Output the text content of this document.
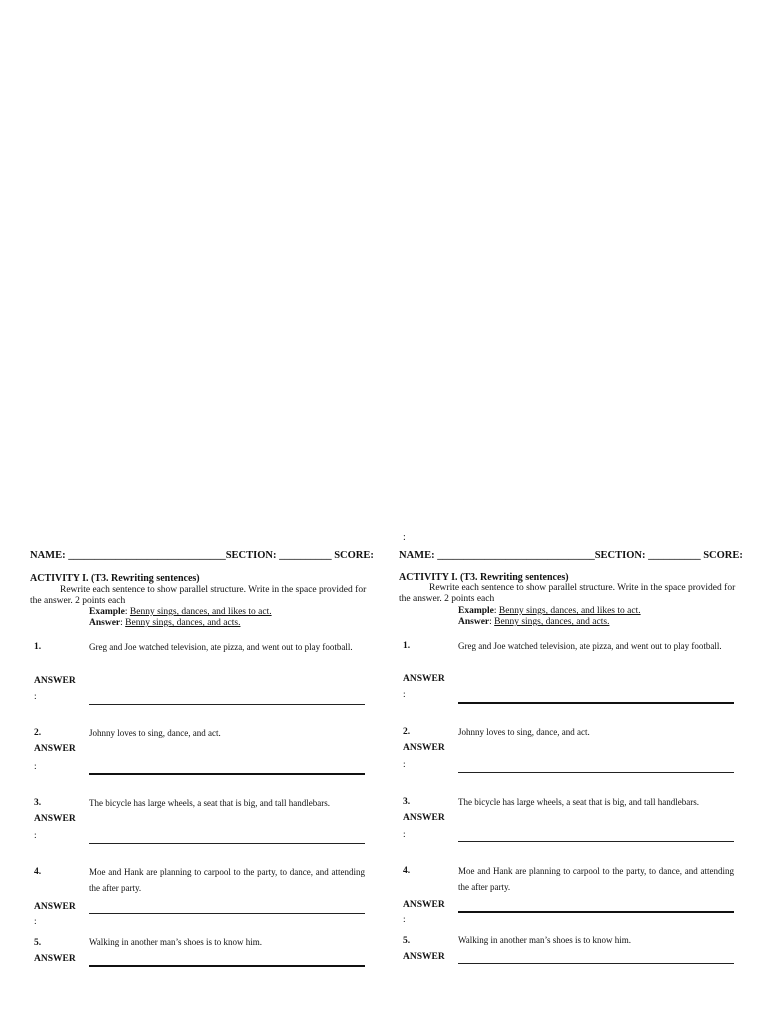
NAME: ______________________________SECTION: __________ SCORE:
ACTIVITY I. (T3. Rewriting sentences)
Rewrite each sentence to show parallel structure. Write in the space provided for the answer. 2 points each
Example: Benny sings, dances, and likes to act.
Answer: Benny sings, dances, and acts.
1.	Greg and Joe watched television, ate pizza, and went out to play football.
ANSWER
:
2.	Johnny loves to sing, dance, and act.
ANSWER
:
3.	The bicycle has large wheels, a seat that is big, and tall handlebars.
ANSWER
:
4.	Moe and Hank are planning to carpool to the party, to dance, and attending the after party.
ANSWER
:
5.	Walking in another man’s shoes is to know him.
ANSWER
:
NAME: ______________________________SECTION: __________ SCORE:
ACTIVITY I. (T3. Rewriting sentences)
Rewrite each sentence to show parallel structure. Write in the space provided for the answer. 2 points each
Example: Benny sings, dances, and likes to act.
Answer: Benny sings, dances, and acts.
1.	Greg and Joe watched television, ate pizza, and went out to play football.
ANSWER
:
2.	Johnny loves to sing, dance, and act.
ANSWER
:
3.	The bicycle has large wheels, a seat that is big, and tall handlebars.
ANSWER
:
4.	Moe and Hank are planning to carpool to the party, to dance, and attending the after party.
ANSWER
:
5.	Walking in another man’s shoes is to know him.
ANSWER
